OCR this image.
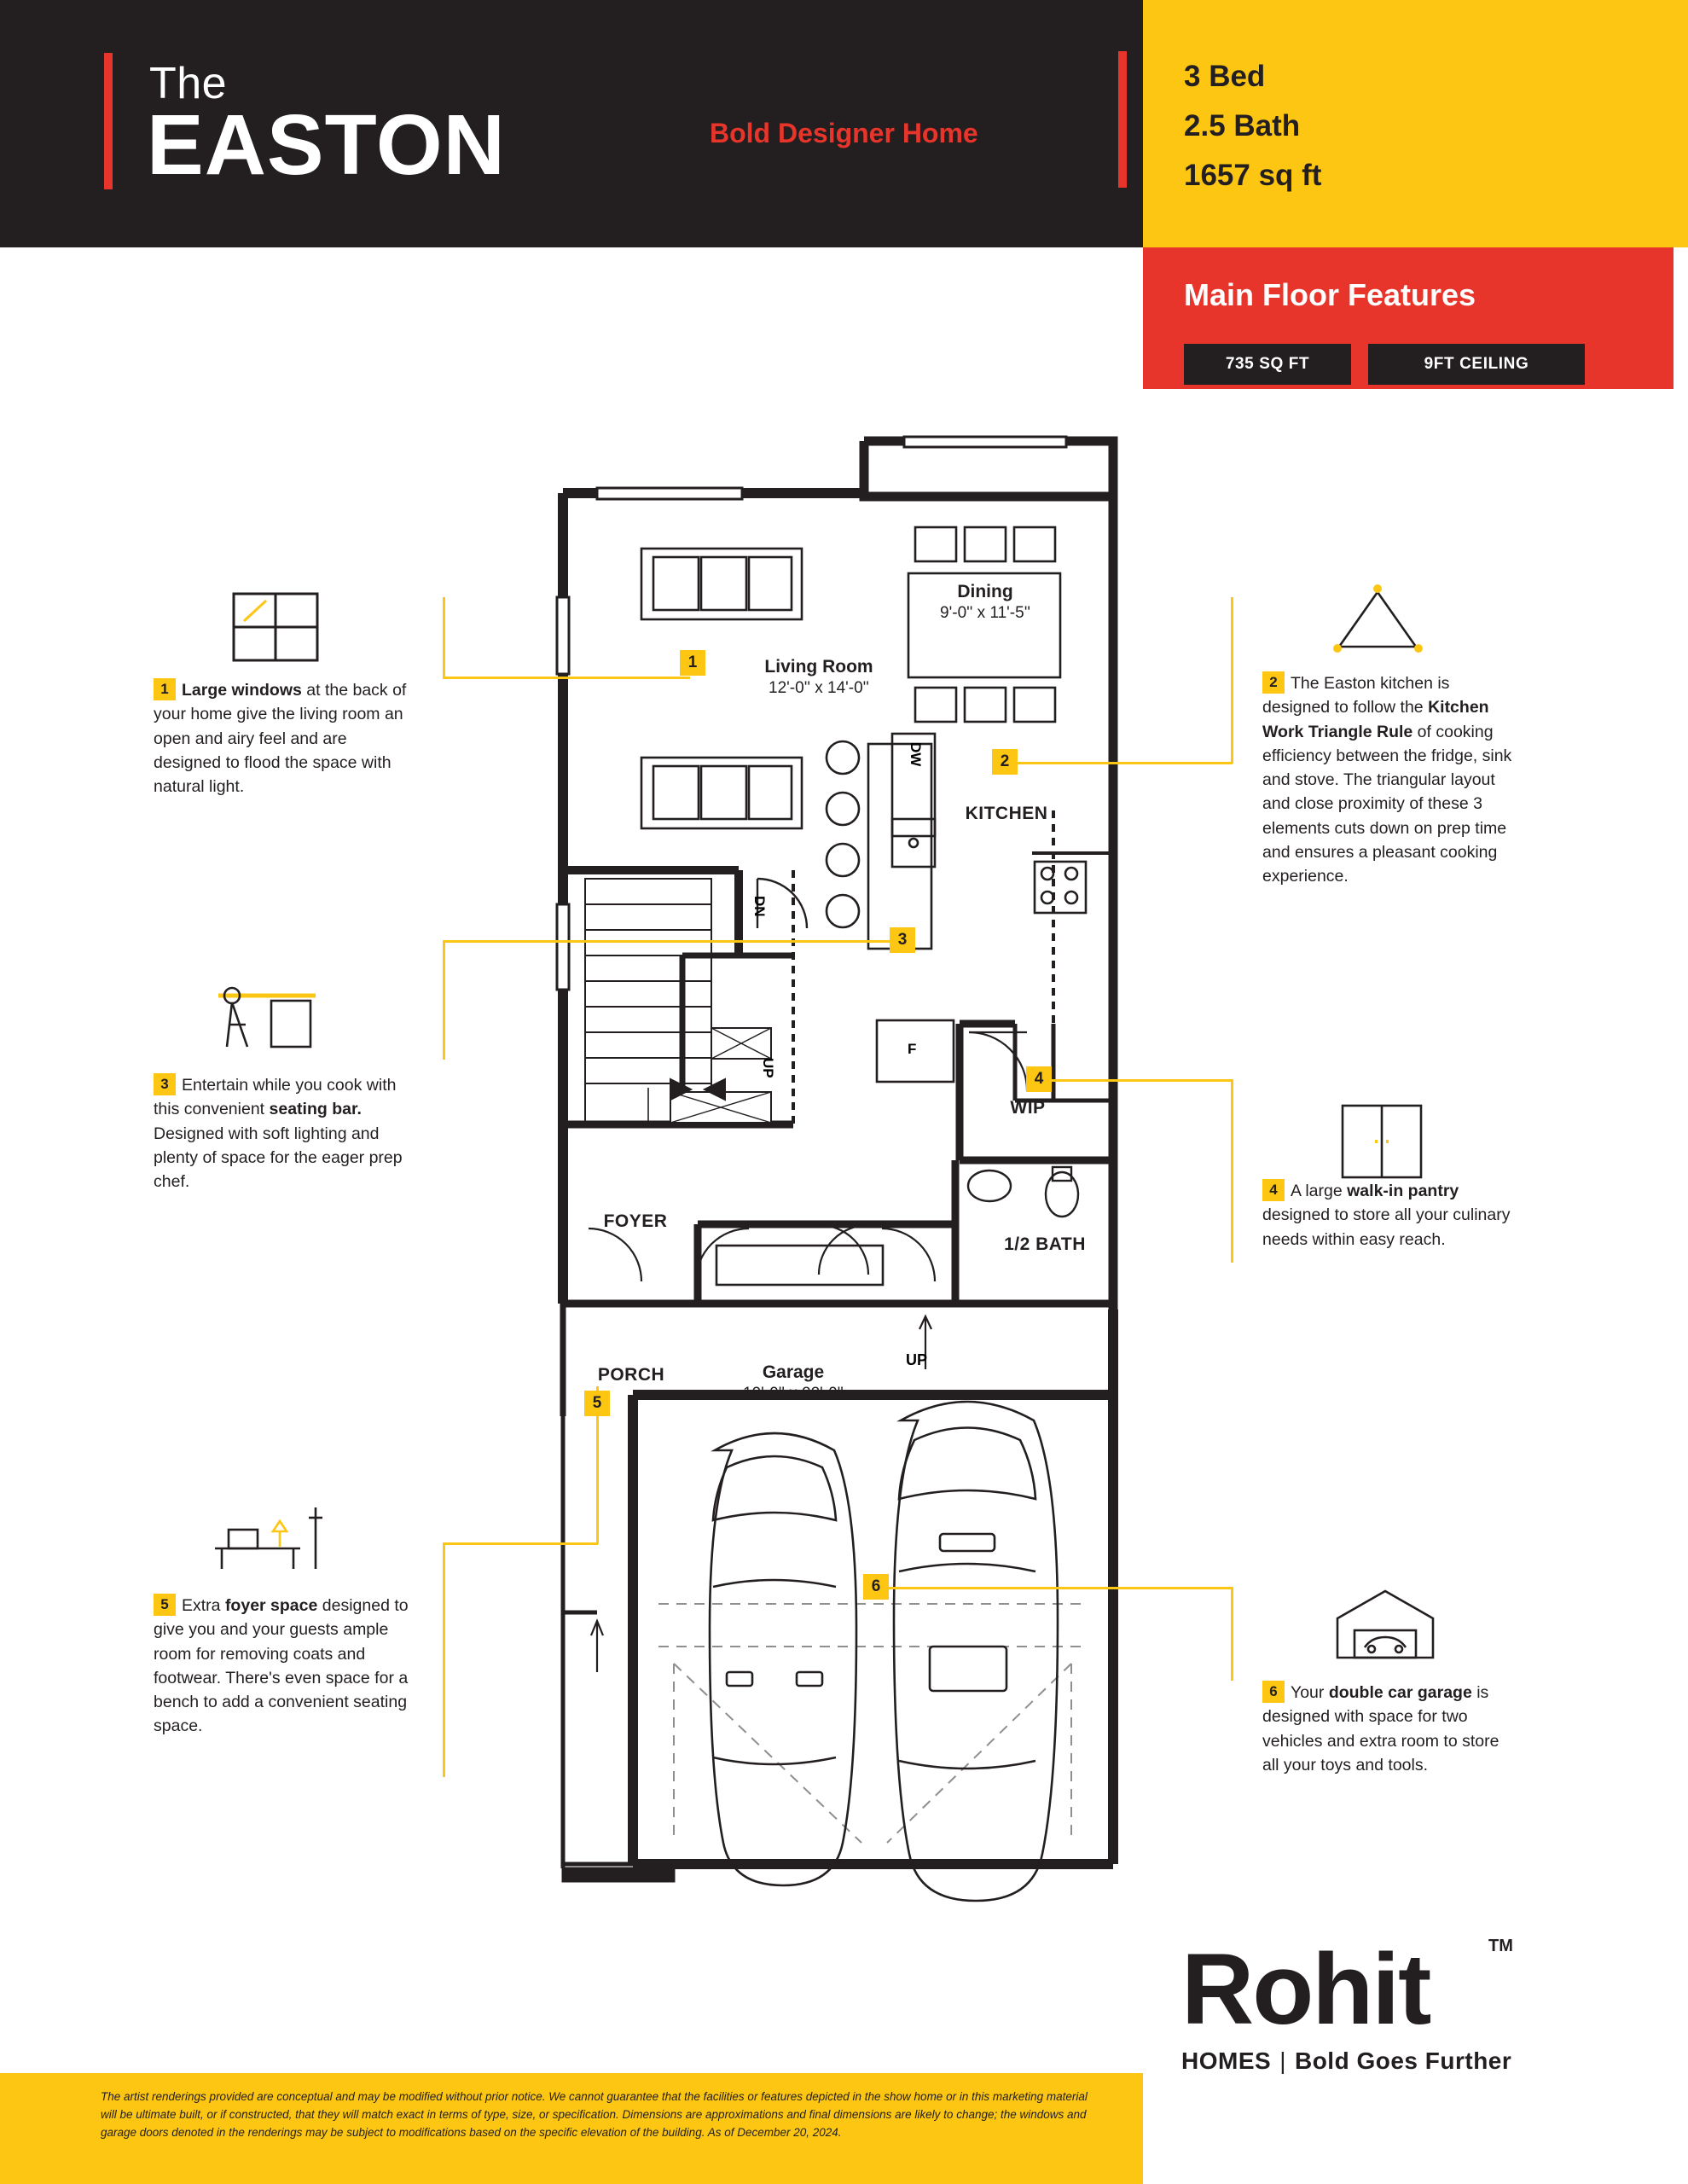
The
EASTON	Bold Designer Home
3 Bed
2.5 Bath
1657 sq ft
Main Floor Features
735 SQ FT	9FT CEILING
Dining
9'-0'' x 11'-5''
Living Room
12'-0'' x 14'-0''
KITCHEN
WIP
1/2 BATH
FOYER
PORCH	Garage
19'-0'' x 22'-0''
DW
F
DN
UP
UP
1
2
3
4
5
6

1 Large windows at the back of your home give the living room an open and airy feel and are designed to flood the space with natural light.

2 The Easton kitchen is designed to follow the Kitchen Work Triangle Rule of cooking efficiency between the fridge, sink and stove. The triangular layout and close proximity of these 3 elements cuts down on prep time and ensures a pleasant cooking experience.

3 Entertain while you cook with this convenient seating bar. Designed with soft lighting and plenty of space for the eager prep chef.	4 A large walk-in pantry designed to store all your culinary needs within easy reach.

5 Extra foyer space designed to give you and your guests ample room for removing coats and footwear. There's even space for a bench to add a convenient seating space.

6 Your double car garage is designed with space for two vehicles and extra room to store all your toys and tools.

The artist renderings provided are conceptual and may be modified without prior notice. We cannot guarantee that the facilities or features depicted in the show home or in this marketing material will be ultimate built, or if constructed, that they will match exact in terms of type, size, or specification. Dimensions are approximations and final dimensions are likely to change; the windows and garage doors denoted in the renderings may be subject to modifications based on the specific elevation of the building. As of December 20, 2024.
Rohit	TM
HOMES | Bold Goes Further
